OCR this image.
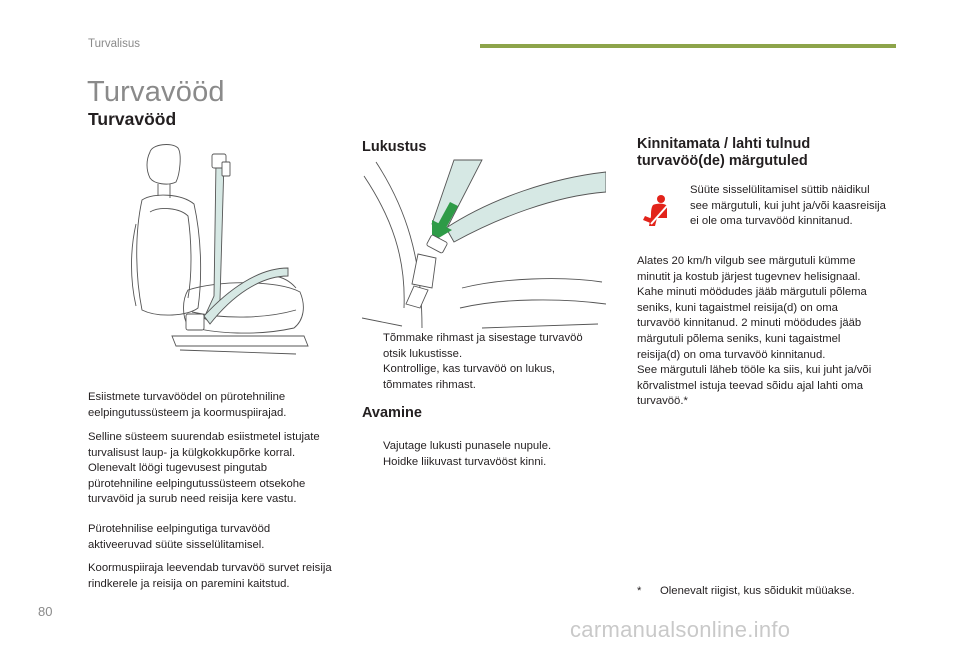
Turvalisus
Turvavööd
Turvavööd
Esiistmete turvavöödel on pürotehniline eelpingutussüsteem ja koormuspiirajad.
Selline süsteem suurendab esiistmetel istujate turvalisust laup- ja külgkokkupõrke korral. Olenevalt löögi tugevusest pingutab pürotehniline eelpingutussüsteem otsekohe turvavöid ja surub need reisija kere vastu.
Pürotehnilise eelpingutiga turvavööd aktiveeruvad süüte sisselülitamisel.
Koormuspiiraja leevendab turvavöö survet reisija rindkerele ja reisija on paremini kaitstud.
Lukustus
Tõmmake rihmast ja sisestage turvavöö otsik lukustisse.
Kontrollige, kas turvavöö on lukus, tõmmates rihmast.
Avamine
Vajutage lukusti punasele nupule.
Hoidke liikuvast turvavööst kinni.
Kinnitamata / lahti tulnud
turvavöö(de) märgutuled
Süüte sisselülitamisel süttib näidikul see märgutuli, kui juht ja/või kaasreisija ei ole oma turvavööd kinnitanud.
Alates 20 km/h vilgub see märgutuli kümme
minutit ja kostub järjest tugevnev helisignaal.
Kahe minuti möödudes jääb märgutuli põlema
seniks, kuni tagaistmel reisija(d) on oma
turvavöö kinnitanud. 2 minuti möödudes jääb
märgutuli põlema seniks, kuni tagaistmel
reisija(d) on oma turvavöö kinnitanud.
See märgutuli läheb tööle ka siis, kui juht ja/või
kõrvalistmel istuja teevad sõidu ajal lahti oma
turvavöö.*
* Olenevalt riigist, kus sõidukit müüakse.
80
carmanualsonline.info
